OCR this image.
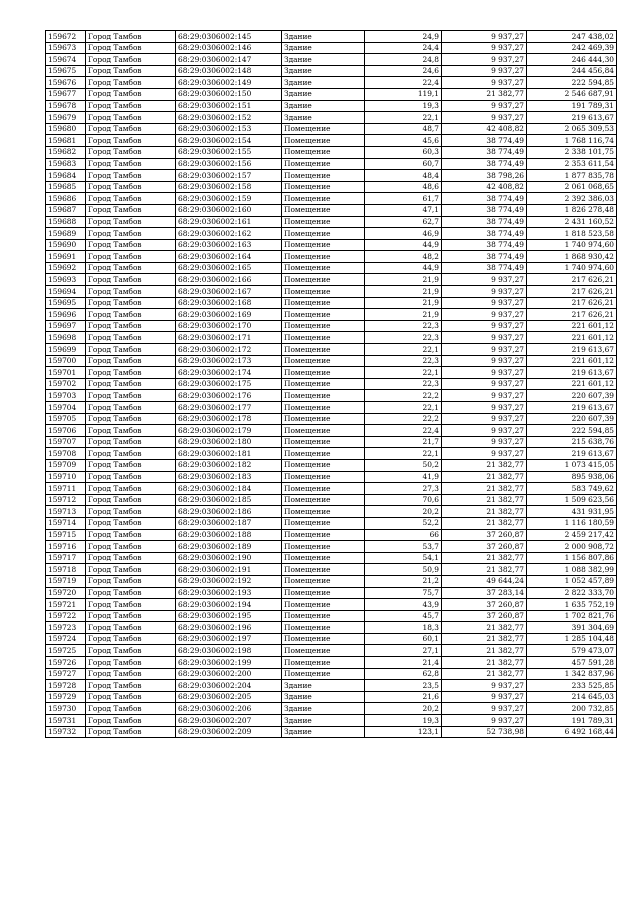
159672	Город Тамбов	68:29:0306002:145	Здание	24,9	9 937,27	247 438,02
159673	Город Тамбов	68:29:0306002:146	Здание	24,4	9 937,27	242 469,39
159674	Город Тамбов	68:29:0306002:147	Здание	24,8	9 937,27	246 444,30
159675	Город Тамбов	68:29:0306002:148	Здание	24,6	9 937,27	244 456,84
159676	Город Тамбов	68:29:0306002:149	Здание	22,4	9 937,27	222 594,85
159677	Город Тамбов	68:29:0306002:150	Здание	119,1	21 382,77	2 546 687,91
159678	Город Тамбов	68:29:0306002:151	Здание	19,3	9 937,27	191 789,31
159679	Город Тамбов	68:29:0306002:152	Здание	22,1	9 937,27	219 613,67
159680	Город Тамбов	68:29:0306002:153	Помещение	48,7	42 408,82	2 065 309,53
159681	Город Тамбов	68:29:0306002:154	Помещение	45,6	38 774,49	1 768 116,74
159682	Город Тамбов	68:29:0306002:155	Помещение	60,3	38 774,49	2 338 101,75
159683	Город Тамбов	68:29:0306002:156	Помещение	60,7	38 774,49	2 353 611,54
159684	Город Тамбов	68:29:0306002:157	Помещение	48,4	38 798,26	1 877 835,78
159685	Город Тамбов	68:29:0306002:158	Помещение	48,6	42 408,82	2 061 068,65
159686	Город Тамбов	68:29:0306002:159	Помещение	61,7	38 774,49	2 392 386,03
159687	Город Тамбов	68:29:0306002:160	Помещение	47,1	38 774,49	1 826 278,48
159688	Город Тамбов	68:29:0306002:161	Помещение	62,7	38 774,49	2 431 160,52
159689	Город Тамбов	68:29:0306002:162	Помещение	46,9	38 774,49	1 818 523,58
159690	Город Тамбов	68:29:0306002:163	Помещение	44,9	38 774,49	1 740 974,60
159691	Город Тамбов	68:29:0306002:164	Помещение	48,2	38 774,49	1 868 930,42
159692	Город Тамбов	68:29:0306002:165	Помещение	44,9	38 774,49	1 740 974,60
159693	Город Тамбов	68:29:0306002:166	Помещение	21,9	9 937,27	217 626,21
159694	Город Тамбов	68:29:0306002:167	Помещение	21,9	9 937,27	217 626,21
159695	Город Тамбов	68:29:0306002:168	Помещение	21,9	9 937,27	217 626,21
159696	Город Тамбов	68:29:0306002:169	Помещение	21,9	9 937,27	217 626,21
159697	Город Тамбов	68:29:0306002:170	Помещение	22,3	9 937,27	221 601,12
159698	Город Тамбов	68:29:0306002:171	Помещение	22,3	9 937,27	221 601,12
159699	Город Тамбов	68:29:0306002:172	Помещение	22,1	9 937,27	219 613,67
159700	Город Тамбов	68:29:0306002:173	Помещение	22,3	9 937,27	221 601,12
159701	Город Тамбов	68:29:0306002:174	Помещение	22,1	9 937,27	219 613,67
159702	Город Тамбов	68:29:0306002:175	Помещение	22,3	9 937,27	221 601,12
159703	Город Тамбов	68:29:0306002:176	Помещение	22,2	9 937,27	220 607,39
159704	Город Тамбов	68:29:0306002:177	Помещение	22,1	9 937,27	219 613,67
159705	Город Тамбов	68:29:0306002:178	Помещение	22,2	9 937,27	220 607,39
159706	Город Тамбов	68:29:0306002:179	Помещение	22,4	9 937,27	222 594,85
159707	Город Тамбов	68:29:0306002:180	Помещение	21,7	9 937,27	215 638,76
159708	Город Тамбов	68:29:0306002:181	Помещение	22,1	9 937,27	219 613,67
159709	Город Тамбов	68:29:0306002:182	Помещение	50,2	21 382,77	1 073 415,05
159710	Город Тамбов	68:29:0306002:183	Помещение	41,9	21 382,77	895 938,06
159711	Город Тамбов	68:29:0306002:184	Помещение	27,3	21 382,77	583 749,62
159712	Город Тамбов	68:29:0306002:185	Помещение	70,6	21 382,77	1 509 623,56
159713	Город Тамбов	68:29:0306002:186	Помещение	20,2	21 382,77	431 931,95
159714	Город Тамбов	68:29:0306002:187	Помещение	52,2	21 382,77	1 116 180,59
159715	Город Тамбов	68:29:0306002:188	Помещение	66	37 260,87	2 459 217,42
159716	Город Тамбов	68:29:0306002:189	Помещение	53,7	37 260,87	2 000 908,72
159717	Город Тамбов	68:29:0306002:190	Помещение	54,1	21 382,77	1 156 807,86
159718	Город Тамбов	68:29:0306002:191	Помещение	50,9	21 382,77	1 088 382,99
159719	Город Тамбов	68:29:0306002:192	Помещение	21,2	49 644,24	1 052 457,89
159720	Город Тамбов	68:29:0306002:193	Помещение	75,7	37 283,14	2 822 333,70
159721	Город Тамбов	68:29:0306002:194	Помещение	43,9	37 260,87	1 635 752,19
159722	Город Тамбов	68:29:0306002:195	Помещение	45,7	37 260,87	1 702 821,76
159723	Город Тамбов	68:29:0306002:196	Помещение	18,3	21 382,77	391 304,69
159724	Город Тамбов	68:29:0306002:197	Помещение	60,1	21 382,77	1 285 104,48
159725	Город Тамбов	68:29:0306002:198	Помещение	27,1	21 382,77	579 473,07
159726	Город Тамбов	68:29:0306002:199	Помещение	21,4	21 382,77	457 591,28
159727	Город Тамбов	68:29:0306002:200	Помещение	62,8	21 382,77	1 342 837,96
159728	Город Тамбов	68:29:0306002:204	Здание	23,5	9 937,27	233 525,85
159729	Город Тамбов	68:29:0306002:205	Здание	21,6	9 937,27	214 645,03
159730	Город Тамбов	68:29:0306002:206	Здание	20,2	9 937,27	200 732,85
159731	Город Тамбов	68:29:0306002:207	Здание	19,3	9 937,27	191 789,31
159732	Город Тамбов	68:29:0306002:209	Здание	123,1	52 738,98	6 492 168,44
